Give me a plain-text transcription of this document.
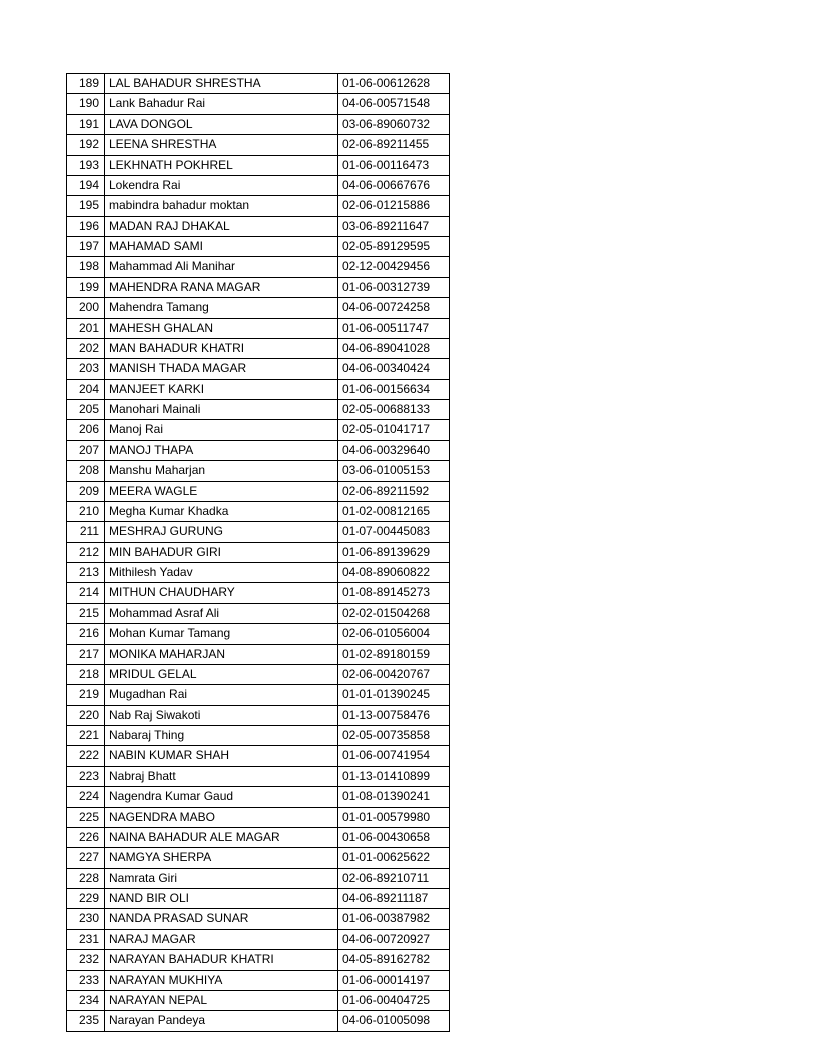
189	LAL BAHADUR SHRESTHA	01-06-00612628
190	Lank Bahadur Rai	04-06-00571548
191	LAVA DONGOL	03-06-89060732
192	LEENA SHRESTHA	02-06-89211455
193	LEKHNATH POKHREL	01-06-00116473
194	Lokendra Rai	04-06-00667676
195	mabindra bahadur moktan	02-06-01215886
196	MADAN RAJ DHAKAL	03-06-89211647
197	MAHAMAD SAMI	02-05-89129595
198	Mahammad Ali Manihar	02-12-00429456
199	MAHENDRA RANA MAGAR	01-06-00312739
200	Mahendra Tamang	04-06-00724258
201	MAHESH GHALAN	01-06-00511747
202	MAN BAHADUR KHATRI	04-06-89041028
203	MANISH THADA MAGAR	04-06-00340424
204	MANJEET KARKI	01-06-00156634
205	Manohari Mainali	02-05-00688133
206	Manoj Rai	02-05-01041717
207	MANOJ THAPA	04-06-00329640
208	Manshu Maharjan	03-06-01005153
209	MEERA WAGLE	02-06-89211592
210	Megha Kumar Khadka	01-02-00812165
211	MESHRAJ GURUNG	01-07-00445083
212	MIN BAHADUR GIRI	01-06-89139629
213	Mithilesh Yadav	04-08-89060822
214	MITHUN CHAUDHARY	01-08-89145273
215	Mohammad Asraf Ali	02-02-01504268
216	Mohan Kumar Tamang	02-06-01056004
217	MONIKA MAHARJAN	01-02-89180159
218	MRIDUL GELAL	02-06-00420767
219	Mugadhan Rai	01-01-01390245
220	Nab Raj Siwakoti	01-13-00758476
221	Nabaraj Thing	02-05-00735858
222	NABIN KUMAR SHAH	01-06-00741954
223	Nabraj Bhatt	01-13-01410899
224	Nagendra Kumar Gaud	01-08-01390241
225	NAGENDRA MABO	01-01-00579980
226	NAINA BAHADUR ALE MAGAR	01-06-00430658
227	NAMGYA SHERPA	01-01-00625622
228	Namrata Giri	02-06-89210711
229	NAND BIR OLI	04-06-89211187
230	NANDA PRASAD SUNAR	01-06-00387982
231	NARAJ MAGAR	04-06-00720927
232	NARAYAN BAHADUR KHATRI	04-05-89162782
233	NARAYAN MUKHIYA	01-06-00014197
234	NARAYAN NEPAL	01-06-00404725
235	Narayan Pandeya	04-06-01005098
